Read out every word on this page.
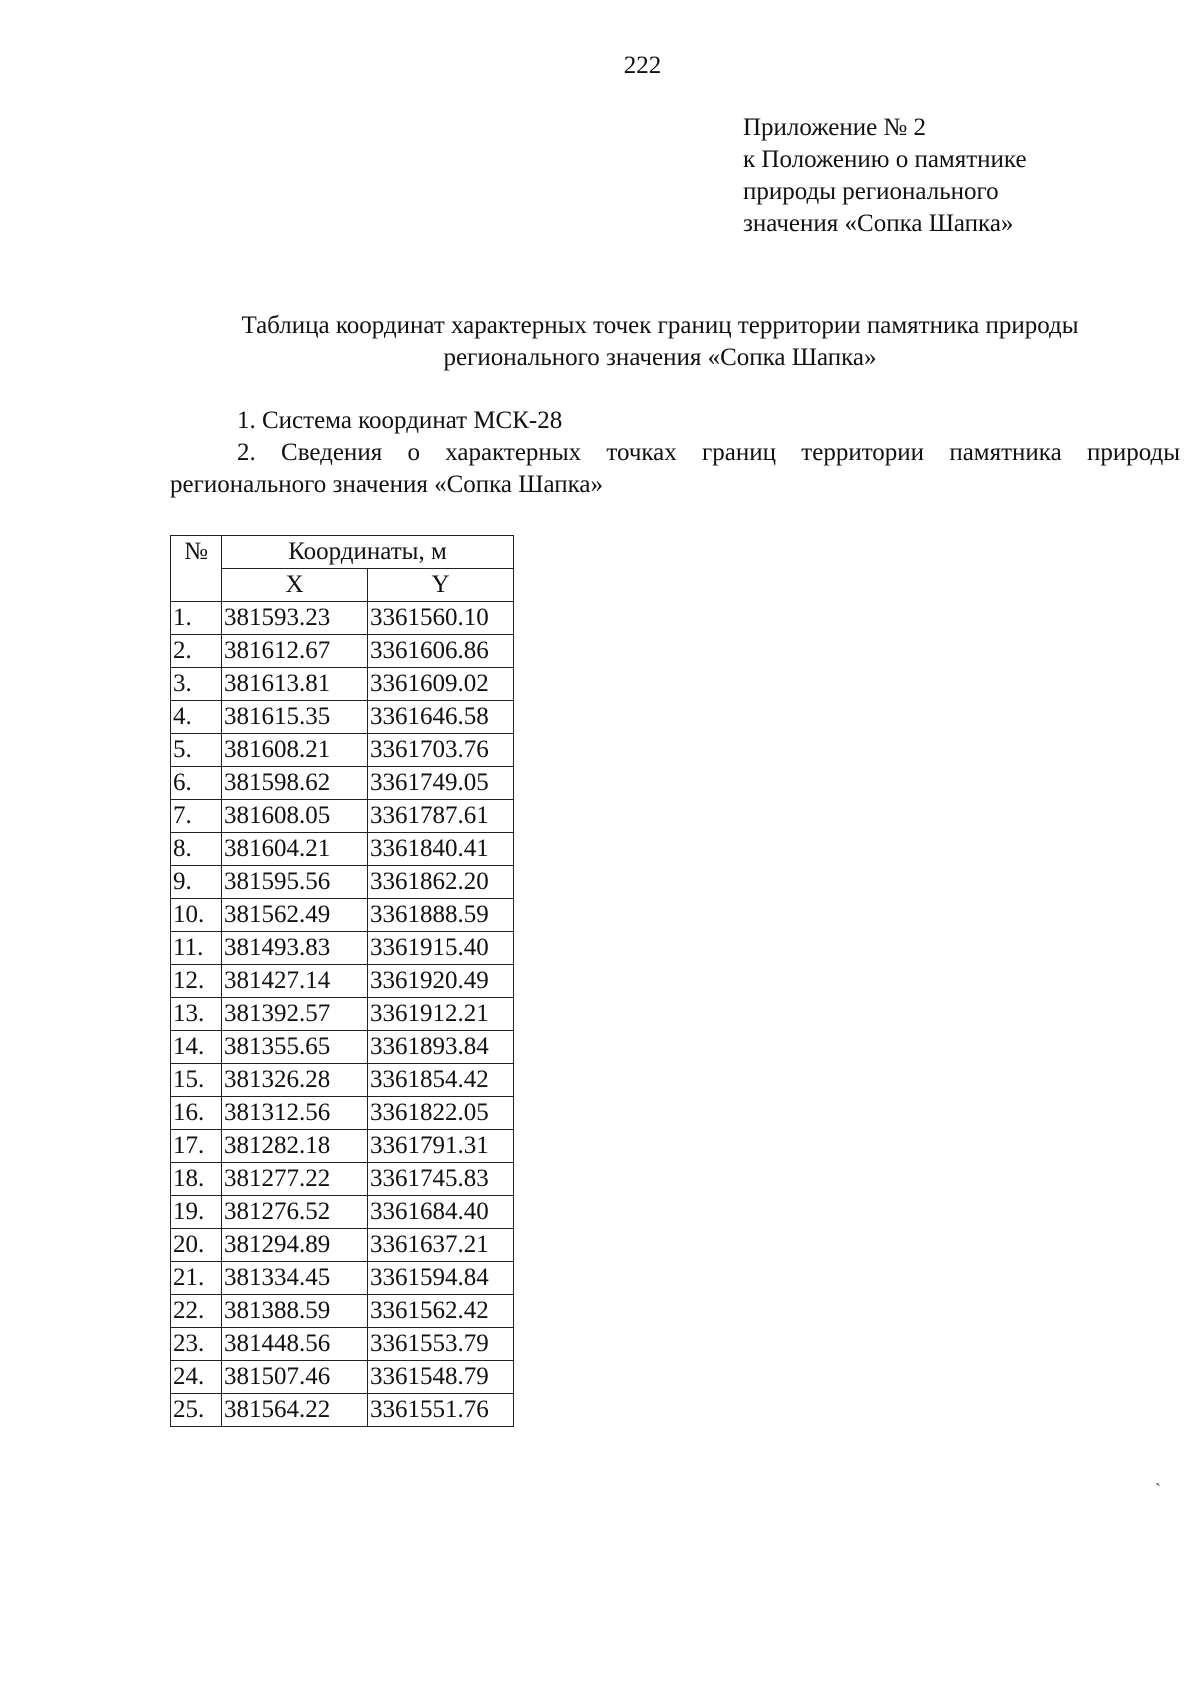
222
Приложение № 2
к Положению о памятнике
природы регионального
значения «Сопка Шапка»
Таблица координат характерных точек границ территории памятника природы
регионального значения «Сопка Шапка»
1. Система координат МСК-28
2. Сведения о характерных точках границ территории памятника природы регионального значения «Сопка Шапка»
№	Координаты, м	
	X	Y
1.	381593.23	3361560.10
2.	381612.67	3361606.86
3.	381613.81	3361609.02
4.	381615.35	3361646.58
5.	381608.21	3361703.76
6.	381598.62	3361749.05
7.	381608.05	3361787.61
8.	381604.21	3361840.41
9.	381595.56	3361862.20
10.	381562.49	3361888.59
11.	381493.83	3361915.40
12.	381427.14	3361920.49
13.	381392.57	3361912.21
14.	381355.65	3361893.84
15.	381326.28	3361854.42
16.	381312.56	3361822.05
17.	381282.18	3361791.31
18.	381277.22	3361745.83
19.	381276.52	3361684.40
20.	381294.89	3361637.21
21.	381334.45	3361594.84
22.	381388.59	3361562.42
23.	381448.56	3361553.79
24.	381507.46	3361548.79
25.	381564.22	3361551.76
ˋ
